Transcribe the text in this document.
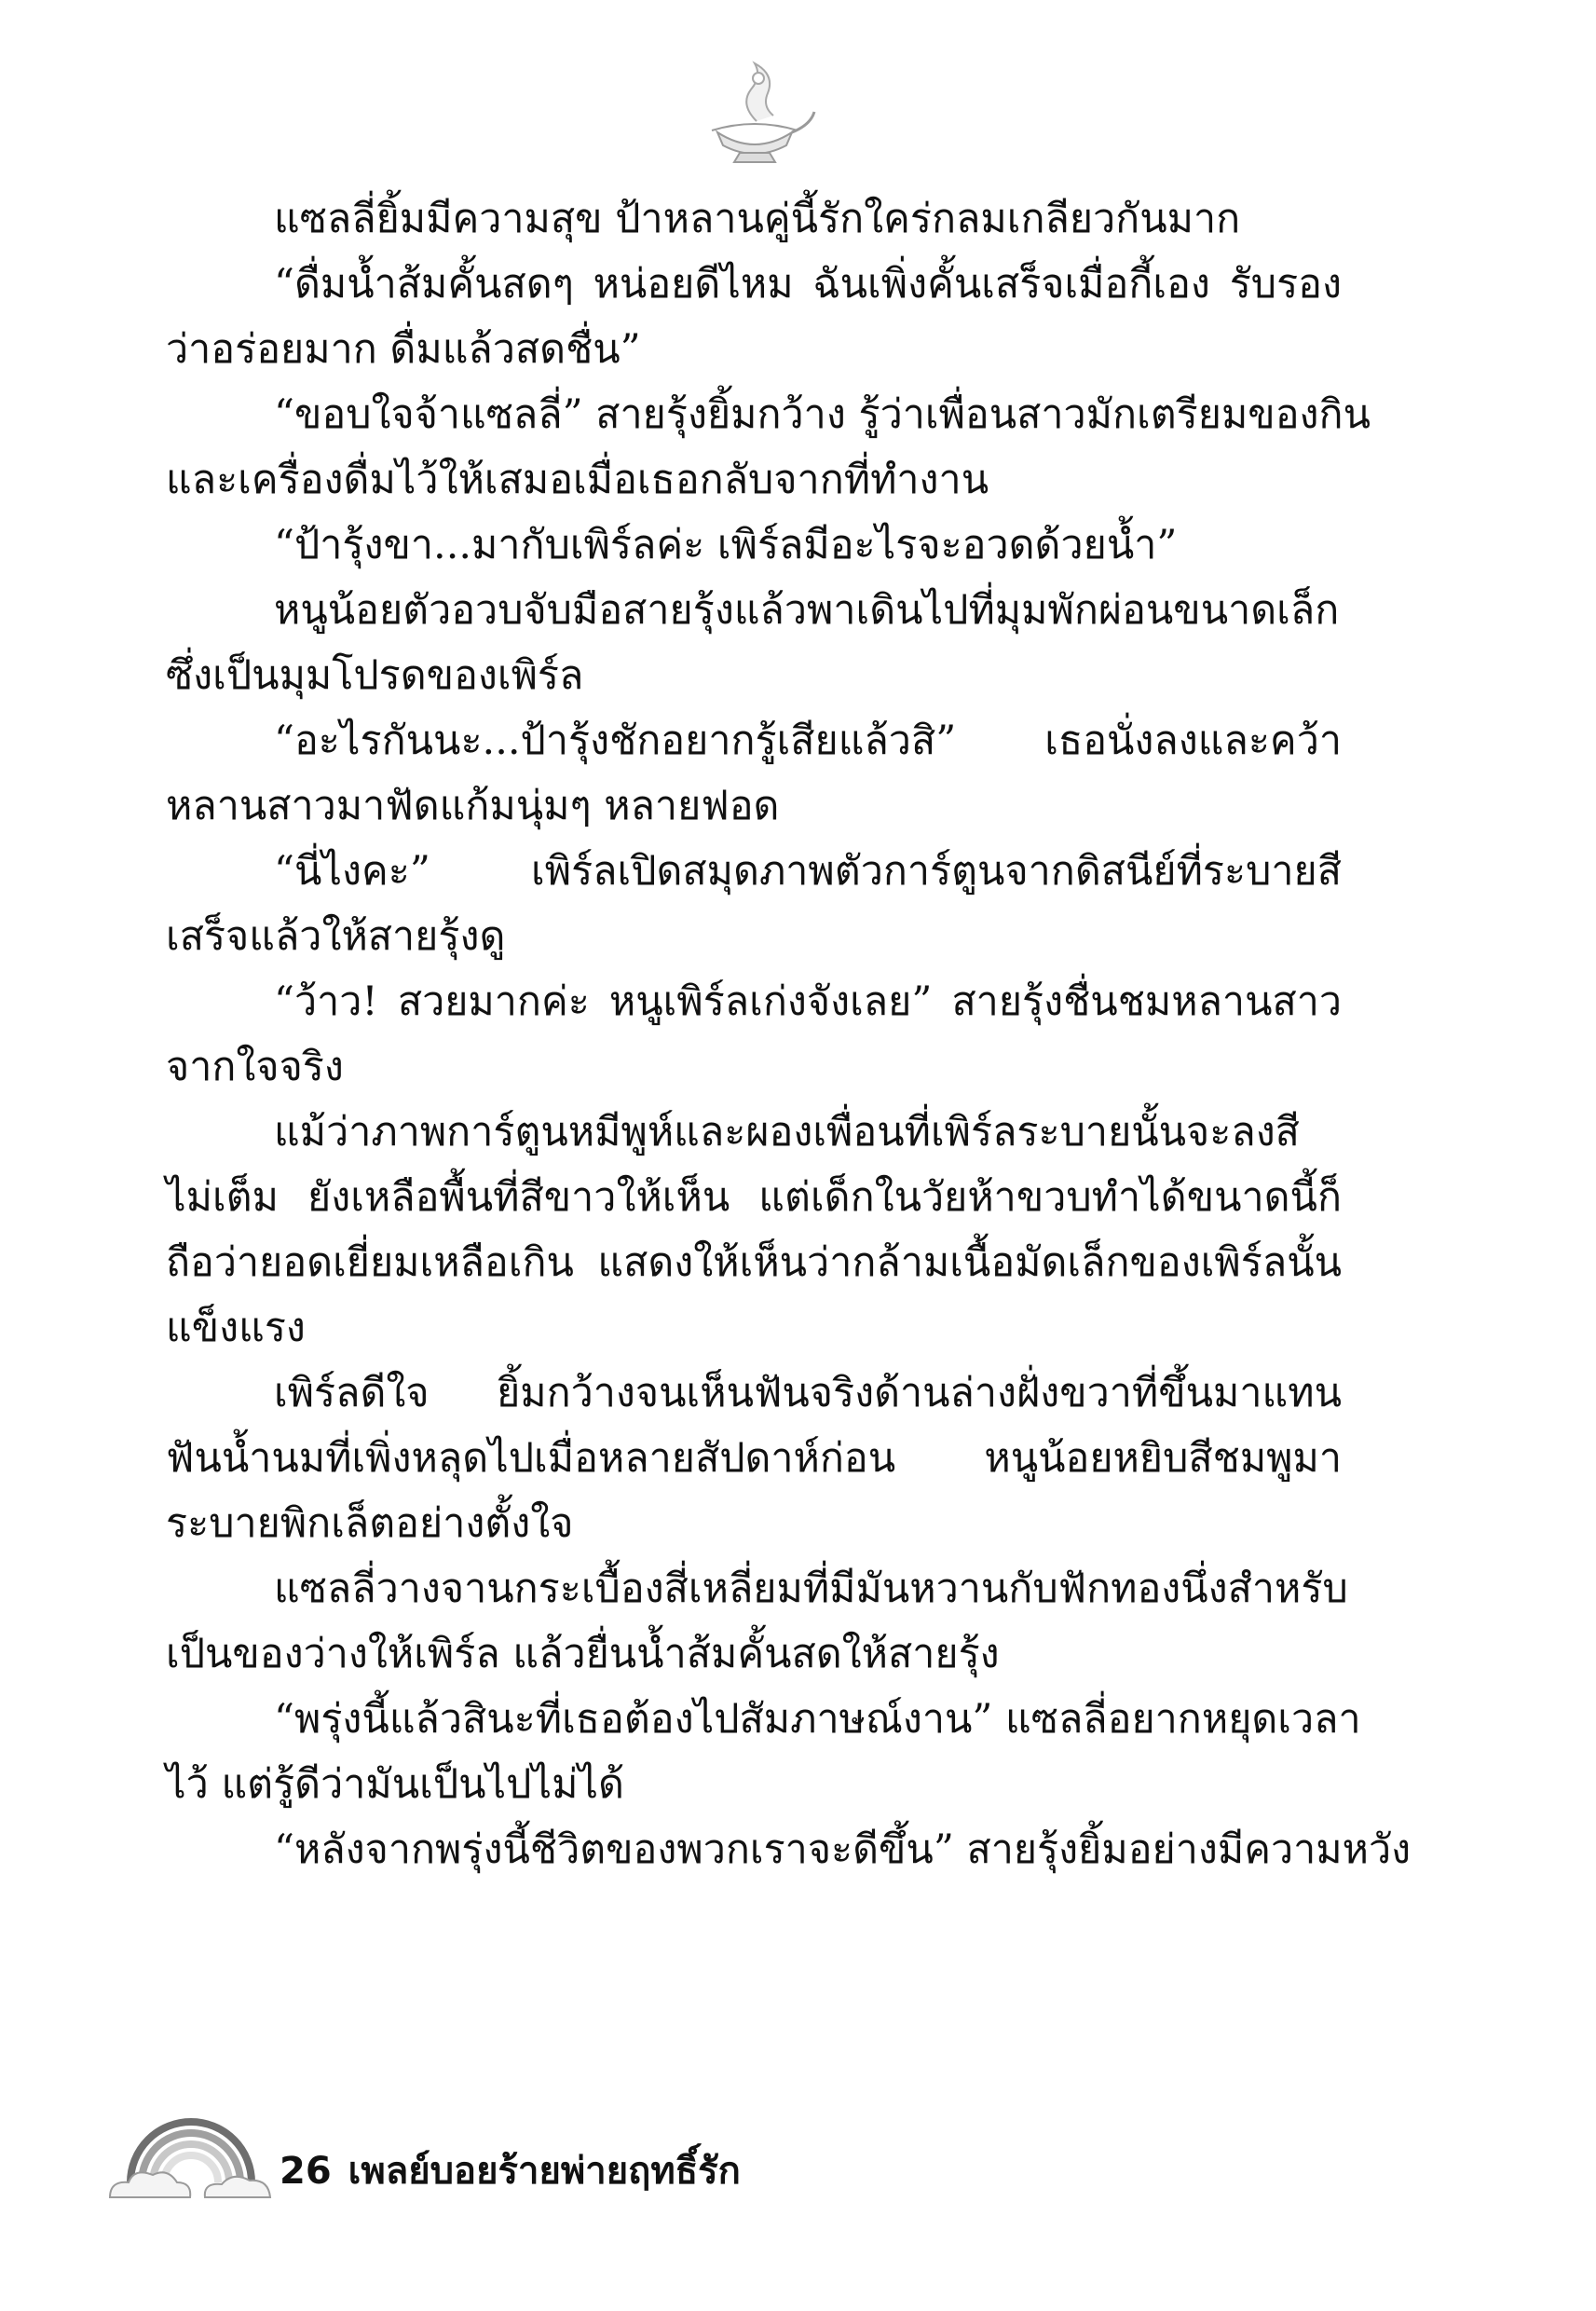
แซลลี่ยิ้มมีความสุข ป้าหลานคู่นี้รักใคร่กลมเกลียวกันมาก
“ดื่มน้ำส้มคั้นสดๆ หน่อยดีไหม ฉันเพิ่งคั้นเสร็จเมื่อกี้เอง รับรอง
ว่าอร่อยมาก ดื่มแล้วสดชื่น”
“ขอบใจจ้าแซลลี่” สายรุ้งยิ้มกว้าง รู้ว่าเพื่อนสาวมักเตรียมของกิน
และเครื่องดื่มไว้ให้เสมอเมื่อเธอกลับจากที่ทำงาน
“ป้ารุ้งขา...มากับเพิร์ลค่ะ เพิร์ลมีอะไรจะอวดด้วยน้ำ”
หนูน้อยตัวอวบจับมือสายรุ้งแล้วพาเดินไปที่มุมพักผ่อนขนาดเล็ก
ซึ่งเป็นมุมโปรดของเพิร์ล
“อะไรกันนะ...ป้ารุ้งชักอยากรู้เสียแล้วสิ” เธอนั่งลงและคว้า
หลานสาวมาฟัดแก้มนุ่มๆ หลายฟอด
“นี่ไงคะ” เพิร์ลเปิดสมุดภาพตัวการ์ตูนจากดิสนีย์ที่ระบายสี
เสร็จแล้วให้สายรุ้งดู
“ว้าว! สวยมากค่ะ หนูเพิร์ลเก่งจังเลย” สายรุ้งชื่นชมหลานสาว
จากใจจริง
แม้ว่าภาพการ์ตูนหมีพูห์และผองเพื่อนที่เพิร์ลระบายนั้นจะลงสี
ไม่เต็ม ยังเหลือพื้นที่สีขาวให้เห็น แต่เด็กในวัยห้าขวบทำได้ขนาดนี้ก็
ถือว่ายอดเยี่ยมเหลือเกิน แสดงให้เห็นว่ากล้ามเนื้อมัดเล็กของเพิร์ลนั้น
แข็งแรง
เพิร์ลดีใจ ยิ้มกว้างจนเห็นฟันจริงด้านล่างฝั่งขวาที่ขึ้นมาแทน
ฟันน้ำนมที่เพิ่งหลุดไปเมื่อหลายสัปดาห์ก่อน หนูน้อยหยิบสีชมพูมา
ระบายพิกเล็ตอย่างตั้งใจ
แซลลี่วางจานกระเบื้องสี่เหลี่ยมที่มีมันหวานกับฟักทองนึ่งสำหรับ
เป็นของว่างให้เพิร์ล แล้วยื่นน้ำส้มคั้นสดให้สายรุ้ง
“พรุ่งนี้แล้วสินะที่เธอต้องไปสัมภาษณ์งาน” แซลลี่อยากหยุดเวลา
ไว้ แต่รู้ดีว่ามันเป็นไปไม่ได้
“หลังจากพรุ่งนี้ชีวิตของพวกเราจะดีขึ้น” สายรุ้งยิ้มอย่างมีความหวัง
26 เพลย์บอยร้ายพ่ายฤทธิ์รัก
